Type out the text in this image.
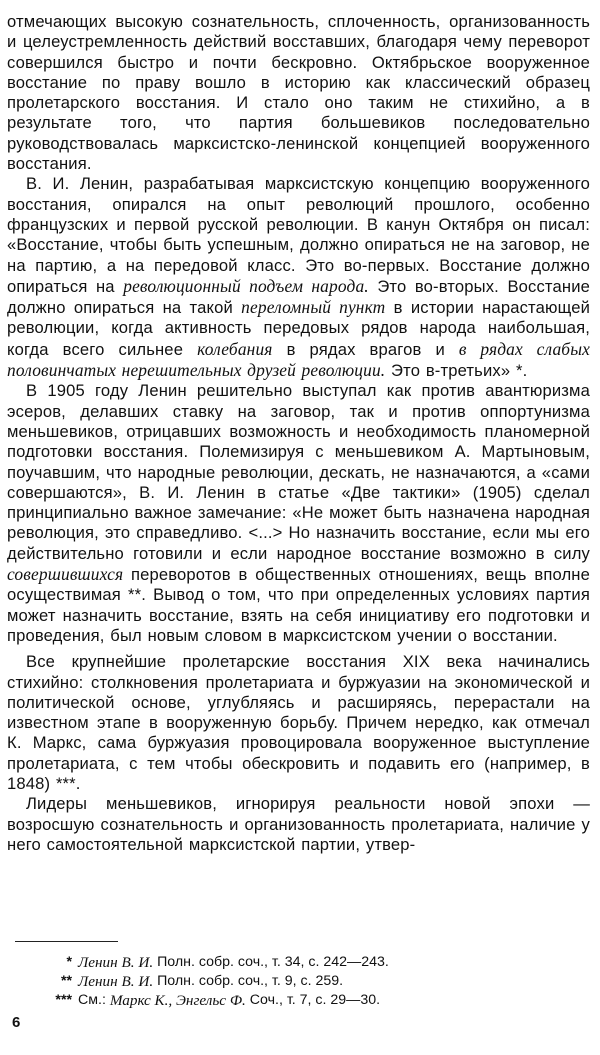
отмечающих высокую сознательность, сплоченность, организованность и целеустремленность действий восставших, благодаря чему переворот совершился быстро и почти бескровно. Октябрьское вооруженное восстание по праву вошло в историю как классический образец пролетарского восстания. И стало оно таким не стихийно, а в результате того, что партия большевиков последовательно руководствовалась марксистско-ленинской концепцией вооруженного восстания.

В. И. Ленин, разрабатывая марксистскую концепцию вооруженного восстания, опирался на опыт революций прошлого, особенно французских и первой русской революции. В канун Октября он писал: «Восстание, чтобы быть успешным, должно опираться не на заговор, не на партию, а на передовой класс. Это во-первых. Восстание должно опираться на революционный подъем народа. Это во-вторых. Восстание должно опираться на такой переломный пункт в истории нарастающей революции, когда активность передовых рядов народа наибольшая, когда всего сильнее колебания в рядах врагов и в рядах слабых половинчатых нерешительных друзей революции. Это в-третьих» *.

В 1905 году Ленин решительно выступал как против авантюризма эсеров, делавших ставку на заговор, так и против оппортунизма меньшевиков, отрицавших возможность и необходимость планомерной подготовки восстания. Полемизируя с меньшевиком А. Мартыновым, поучавшим, что народные революции, дескать, не назначаются, а «сами совершаются», В. И. Ленин в статье «Две тактики» (1905) сделал принципиально важное замечание: «Не может быть назначена народная революция, это справедливо. <...> Но назначить восстание, если мы его действительно готовили и если народное восстание возможно в силу совершившихся переворотов в общественных отношениях, вещь вполне осуществимая **. Вывод о том, что при определенных условиях партия может назначить восстание, взять на себя инициативу его подготовки и проведения, был новым словом в марксистском учении о восстании.

Все крупнейшие пролетарские восстания XIX века начинались стихийно: столкновения пролетариата и буржуазии на экономической и политической основе, углубляясь и расширяясь, перерастали на известном этапе в вооруженную борьбу. Причем нередко, как отмечал К. Маркс, сама буржуазия провоцировала вооруженное выступление пролетариата, с тем чтобы обескровить и подавить его (например, в 1848) ***.

Лидеры меньшевиков, игнорируя реальности новой эпохи — возросшую сознательность и организованность пролетариата, наличие у него самостоятельной марксистской партии, утвер-

* Ленин В. И. Полн. собр. соч., т. 34, с. 242—243.
** Ленин В. И. Полн. собр. соч., т. 9, с. 259.
*** См.: Маркс К., Энгельс Ф. Соч., т. 7, с. 29—30.
6
